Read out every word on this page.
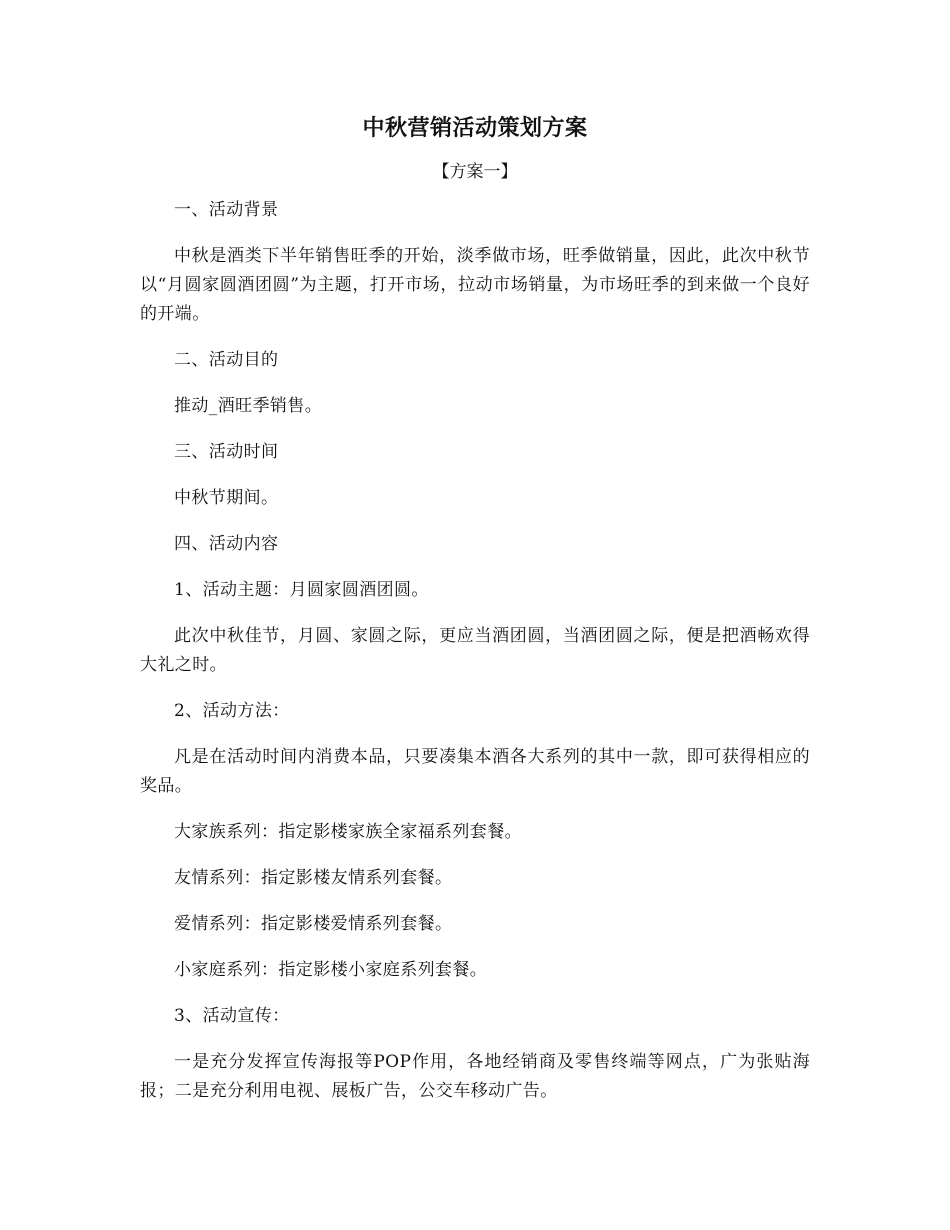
中秋营销活动策划方案
【方案一】

一、活动背景

中秋是酒类下半年销售旺季的开始，淡季做市场，旺季做销量，因此，此次中秋节以“月圆家圆酒团圆”为主题，打开市场，拉动市场销量，为市场旺季的到来做一个良好的开端。

二、活动目的

推动_酒旺季销售。

三、活动时间

中秋节期间。

四、活动内容

1、活动主题：月圆家圆酒团圆。

此次中秋佳节，月圆、家圆之际，更应当酒团圆，当酒团圆之际，便是把酒畅欢得大礼之时。

2、活动方法：

凡是在活动时间内消费本品，只要凑集本酒各大系列的其中一款，即可获得相应的奖品。

大家族系列：指定影楼家族全家福系列套餐。

友情系列：指定影楼友情系列套餐。

爱情系列：指定影楼爱情系列套餐。

小家庭系列：指定影楼小家庭系列套餐。

3、活动宣传：

一是充分发挥宣传海报等POP作用，各地经销商及零售终端等网点，广为张贴海报；二是充分利用电视、展板广告，公交车移动广告。
